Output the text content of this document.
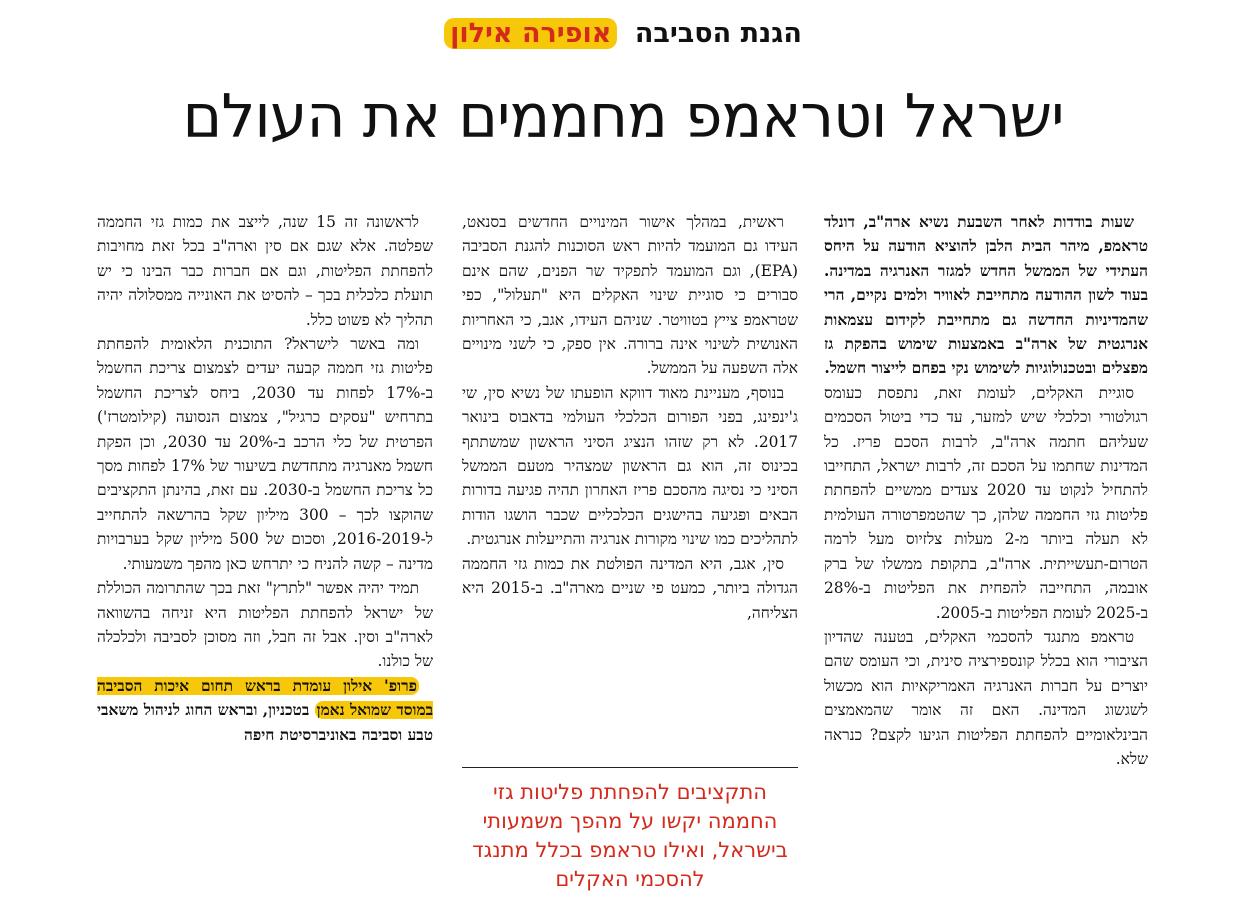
הגנת הסביבה אופירה אילון
ישראל וטראמפ מחממים את העולם

שעות בודדות לאחר השבעת נשיא ארה"ב, דונלד טראמפ, מיהר הבית הלבן להוציא הודעה על היחס העתידי של הממשל החדש למגזר האנרגיה במדינה. בעוד לשון ההודעה מתחייבת לאוויר ולמים נקיים, הרי שהמדיניות החדשה גם מתחייבת לקידום עצמאות אנרגטית של ארה"ב באמצעות שימוש בהפקת גז מפצלים ובטכנולוגיות לשימוש נקי בפחם לייצור חשמל.

סוגיית האקלים, לעומת זאת, נתפסת כעומס רגולטורי וכלכלי שיש למזער, עד כדי ביטול הסכמים שעליהם חתמה ארה"ב, לרבות הסכם פריז. כל המדינות שחתמו על הסכם זה, לרבות ישראל, התחייבו להתחיל לנקוט עד 2020 צעדים ממשיים להפחתת פליטות גזי החממה שלהן, כך שהטמפרטורה העולמית לא תעלה ביותר מ-2 מעלות צלזיוס מעל לרמה הטרום-תעשייתית. ארה"ב, בתקופת ממשלו של ברק אובמה, התחייבה להפחית את הפליטות ב-28% ב-2025 לעומת הפליטות ב-2005.

טראמפ מתנגד להסכמי האקלים, בטענה שהדיון הציבורי הוא בכלל קונספירציה סינית, וכי העומס שהם יוצרים על חברות האנרגיה האמריקאיות הוא מכשול לשגשוג המדינה. האם זה אומר שהמאמצים הבינלאומיים להפחתת הפליטות הגיעו לקצם? כנראה שלא.

ראשית, במהלך אישור המינויים החדשים בסנאט, העידו גם המועמד להיות ראש הסוכנות להגנת הסביבה (EPA), וגם המועמד לתפקיד שר הפנים, שהם אינם סבורים כי סוגיית שינוי האקלים היא "תעלול", כפי שטראמפ צייץ בטוויטר. שניהם העידו, אגב, כי האחריות האנושית לשינוי אינה ברורה. אין ספק, כי לשני מינויים אלה השפעה על הממשל.

בנוסף, מעניינת מאוד דווקא הופעתו של נשיא סין, שי ג'ינפינג, בפני הפורום הכלכלי העולמי בדאבוס בינואר 2017. לא רק שזהו הנציג הסיני הראשון שמשתתף בכינוס זה, הוא גם הראשון שמצהיר מטעם הממשל הסיני כי נסיגה מהסכם פריז האחרון תהיה פגיעה בדורות הבאים ופגיעה בהישגים הכלכליים שכבר הושגו הודות לתהליכים כמו שינוי מקורות אנרגיה והתייעלות אנרגטית.

סין, אגב, היא המדינה הפולטת את כמות גזי החממה הגדולה ביותר, כמעט פי שניים מארה"ב. ב-2015 היא הצליחה,

התקציבים להפחתת פליטות גזי החממה יקשו על מהפך משמעותי בישראל, ואילו טראמפ בכלל מתנגד להסכמי האקלים

לראשונה זה 15 שנה, לייצב את כמות גזי החממה שפלטה. אלא שגם אם סין וארה"ב בכל זאת מחויבות להפחתת הפליטות, וגם אם חברות כבר הבינו כי יש תועלת כלכלית בכך – להסיט את האונייה ממסלולה יהיה תהליך לא פשוט כלל.

ומה באשר לישראל? התוכנית הלאומית להפחתת פליטות גזי חממה קבעה יעדים לצמצום צריכת החשמל ב-17% לפחות עד 2030, ביחס לצריכת החשמל בתרחיש "עסקים כרגיל", צמצום הנסועה (קילומטרז') הפרטית של כלי הרכב ב-20% עד 2030, וכן הפקת חשמל מאנרגיה מתחדשת בשיעור של 17% לפחות מסך כל צריכת החשמל ב-2030. עם זאת, בהינתן התקציבים שהוקצו לכך – 300 מיליון שקל בהרשאה להתחייב ל-2016-2019, וסכום של 500 מיליון שקל בערבויות מדינה – קשה להניח כי יתרחש כאן מהפך משמעותי.

תמיד יהיה אפשר "לתרץ" זאת בכך שהתרומה הכוללת של ישראל להפחתת הפליטות היא זניחה בהשוואה לארה"ב וסין. אבל זה חבל, וזה מסוכן לסביבה ולכלכלה של כולנו.

פרופ' אילון עומדת בראש תחום איכות הסביבה במוסד שמואל נאמן בטכניון, ובראש החוג לניהול משאבי טבע וסביבה באוניברסיטת חיפה
